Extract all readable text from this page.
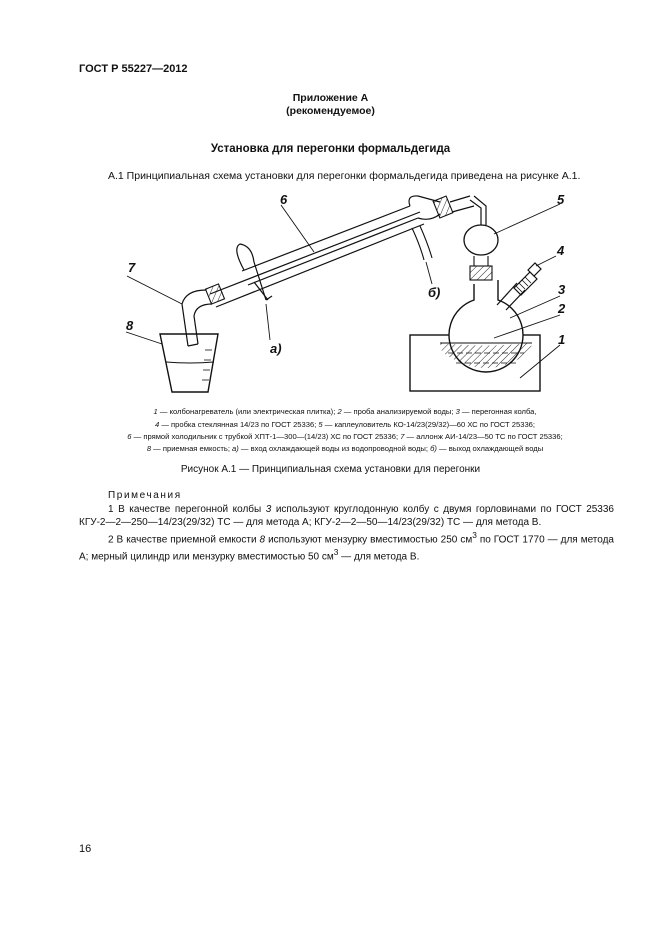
ГОСТ Р 55227—2012
Приложение А
(рекомендуемое)
Установка для перегонки формальдегида
А.1 Принципиальная схема установки для перегонки формальдегида приведена на рисунке А.1.
6
7
8
5
4
3
2
1
а)
б)
1 — колбонагреватель (или электрическая плитка); 2 — проба анализируемой воды; 3 — перегонная колба,
4 — пробка стеклянная 14/23 по ГОСТ 25336; 5 — каплеуловитель КО-14/23(29/32)—60 ХС по ГОСТ 25336;
6 — прямой холодильник с трубкой ХПТ-1—300—(14/23) ХС по ГОСТ 25336; 7 — аллонж АИ-14/23—50 ТС по ГОСТ 25336;
8 — приемная емкость; а) — вход охлаждающей воды из водопроводной воды; б) — выход охлаждающей воды
Рисунок А.1 — Принципиальная схема установки для перегонки
Примечания
1 В качестве перегонной колбы 3 используют круглодонную колбу с двумя горловинами по ГОСТ 25336 КГУ-2—2—250—14/23(29/32) ТС — для метода А; КГУ-2—2—50—14/23(29/32) ТС — для метода В.
2 В качестве приемной емкости 8 используют мензурку вместимостью 250 $см^3$ по ГОСТ 1770 — для метода А; мерный цилиндр или мензурку вместимостью 50 $см^3$ — для метода В.
16
